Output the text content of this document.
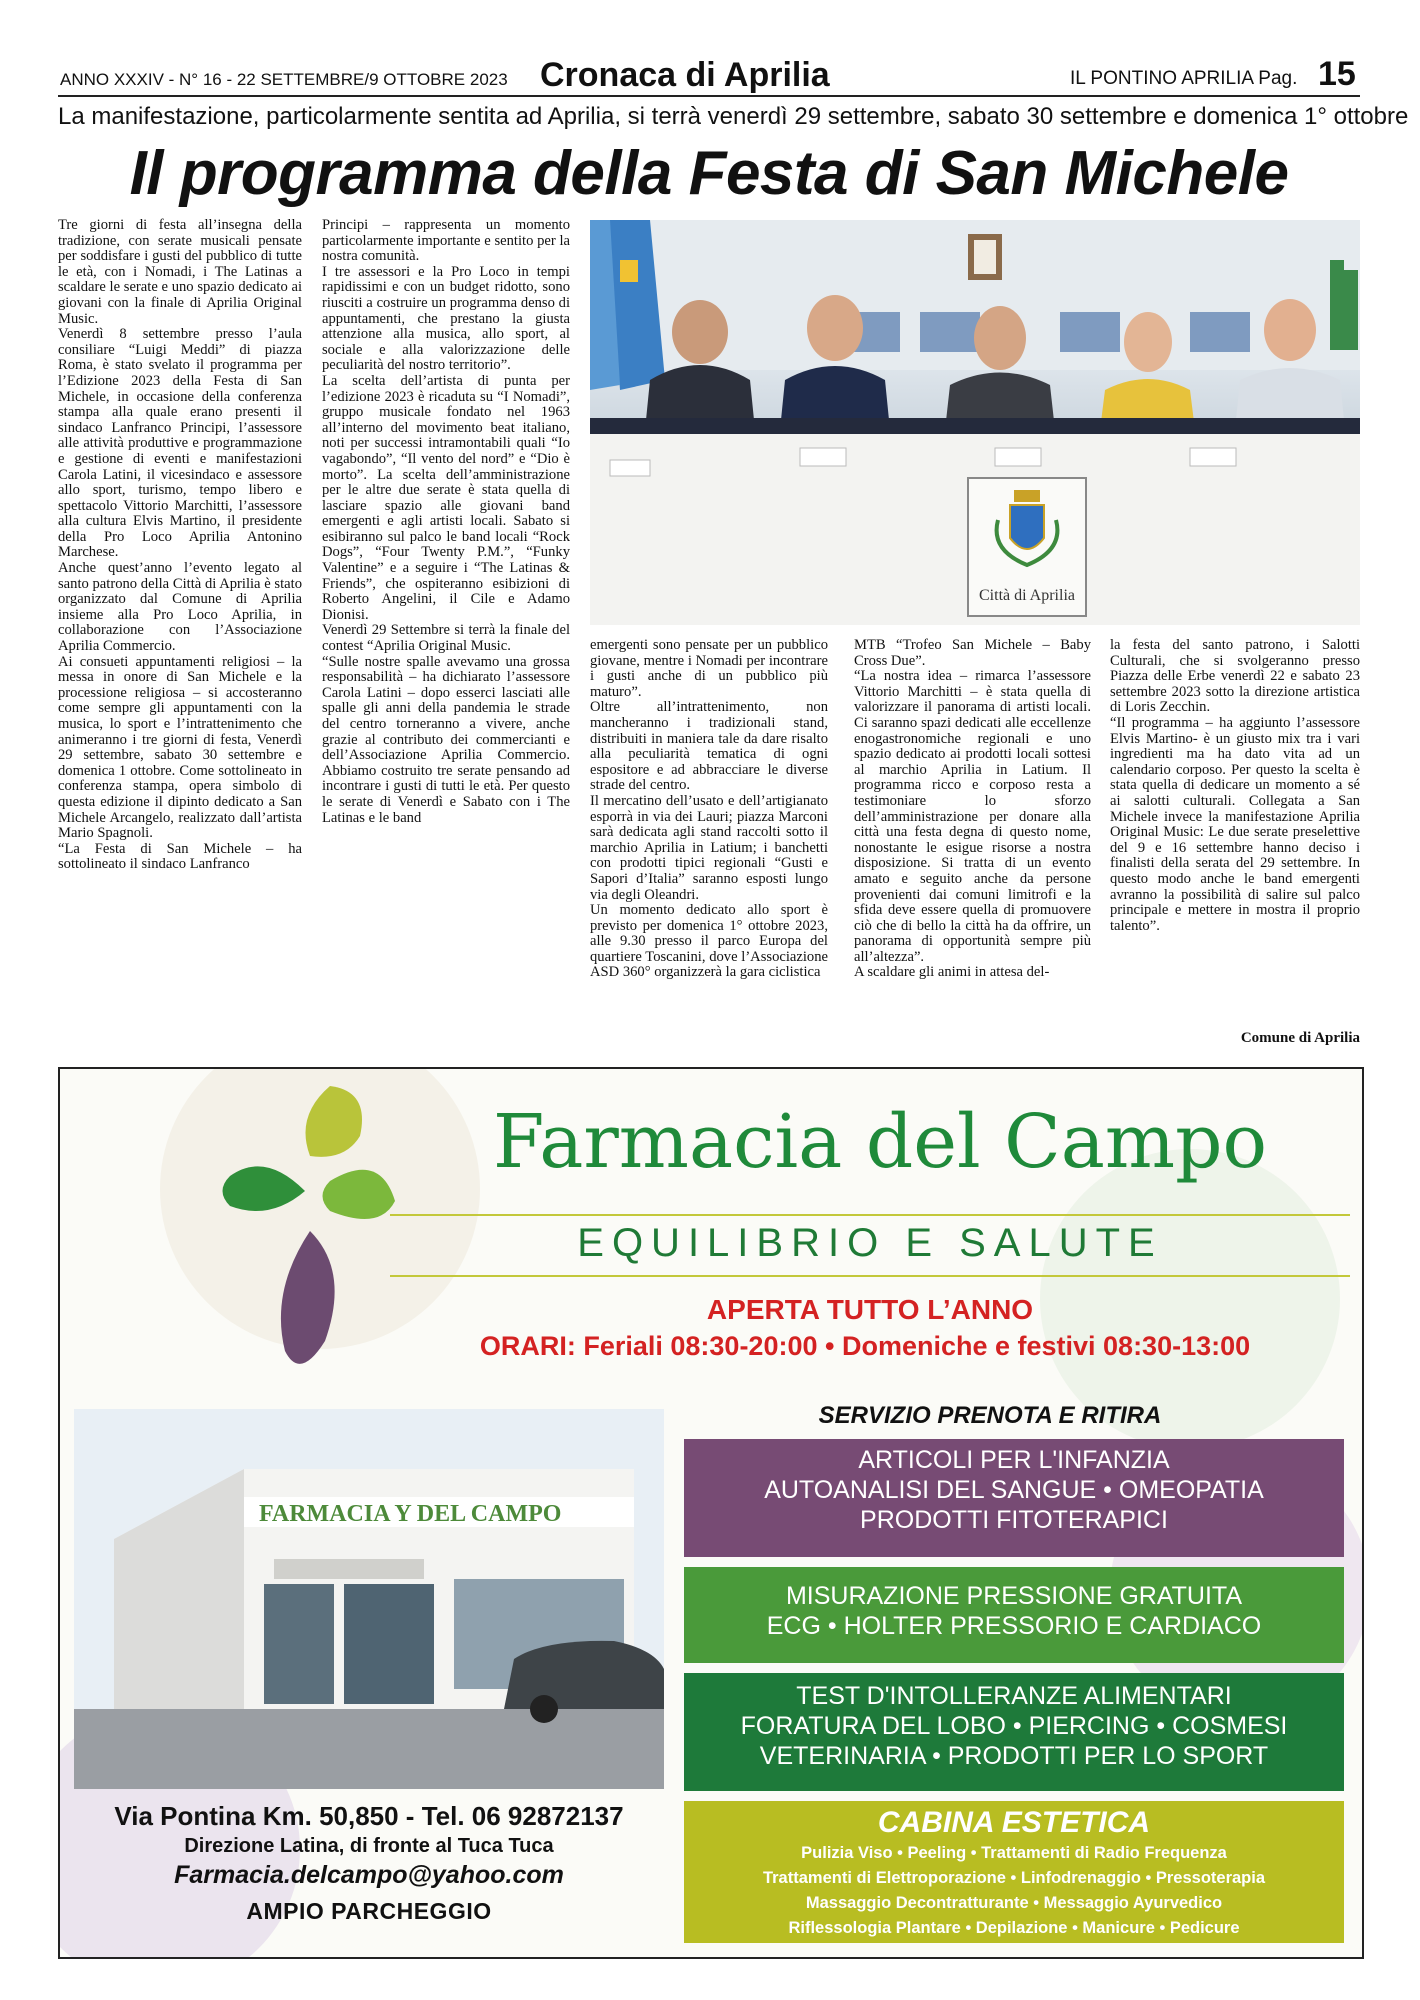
ANNO XXXIV - N° 16 - 22 SETTEMBRE/9 OTTOBRE 2023 Cronaca di Aprilia	IL PONTINO APRILIA Pag. 15
La manifestazione, particolarmente sentita ad Aprilia, si terrà venerdì 29 settembre, sabato 30 settembre e domenica 1° ottobre
Il programma della Festa di San Michele

Tre giorni di festa all’insegna della tradizione, con serate musicali pensate per soddisfare i gusti del pubblico di tutte le età, con i Nomadi, i The Latinas a scaldare le serate e uno spazio dedicato ai giovani con la finale di Aprilia Original Music.

Venerdì 8 settembre presso l’aula consiliare “Luigi Meddi” di piazza Roma, è stato svelato il programma per l’Edizione 2023 della Festa di San Michele, in occasione della conferenza stampa alla quale erano presenti il sindaco Lanfranco Principi, l’assessore alle attività produttive e programmazione e gestione di eventi e manifestazioni Carola Latini, il vicesindaco e assessore allo sport, turismo, tempo libero e spettacolo Vittorio Marchitti, l’assessore alla cultura Elvis Martino, il presidente della Pro Loco Aprilia Antonino Marchese.

Anche quest’anno l’evento legato al santo patrono della Città di Aprilia è stato organizzato dal Comune di Aprilia insieme alla Pro Loco Aprilia, in collaborazione con l’Associazione Aprilia Commercio.

Ai consueti appuntamenti religiosi – la messa in onore di San Michele e la processione religiosa – si accosteranno come sempre gli appuntamenti con la musica, lo sport e l’intrattenimento che animeranno i tre giorni di festa, Venerdì 29 settembre, sabato 30 settembre e domenica 1 ottobre. Come sottolineato in conferenza stampa, opera simbolo di questa edizione il dipinto dedicato a San Michele Arcangelo, realizzato dall’artista Mario Spagnoli.

“La Festa di San Michele – ha sottolineato il sindaco Lanfranco

Principi – rappresenta un momento particolarmente importante e sentito per la nostra comunità.

I tre assessori e la Pro Loco in tempi rapidissimi e con un budget ridotto, sono riusciti a costruire un programma denso di appuntamenti, che prestano la giusta attenzione alla musica, allo sport, al sociale e alla valorizzazione delle peculiarità del nostro territorio”.

La scelta dell’artista di punta per l’edizione 2023 è ricaduta su “I Nomadi”, gruppo musicale fondato nel 1963 all’interno del movimento beat italiano, noti per successi intramontabili quali “Io vagabondo”, “Il vento del nord” e “Dio è morto”. La scelta dell’amministrazione per le altre due serate è stata quella di lasciare spazio alle giovani band emergenti e agli artisti locali. Sabato si esibiranno sul palco le band locali “Rock Dogs”, “Four Twenty P.M.”, “Funky Valentine” e a seguire i “The Latinas & Friends”, che ospiteranno esibizioni di Roberto Angelini, il Cile e Adamo Dionisi.

Venerdì 29 Settembre si terrà la finale del contest “Aprilia Original Music.

“Sulle nostre spalle avevamo una grossa responsabilità – ha dichiarato l’assessore Carola Latini – dopo esserci lasciati alle spalle gli anni della pandemia le strade del centro torneranno a vivere, anche grazie al contributo dei commercianti e dell’Associazione Aprilia Commercio. Abbiamo costruito tre serate pensando ad incontrare i gusti di tutti le età. Per questo le serate di Venerdì e Sabato con i The Latinas e le band

Città di Aprilia

emergenti sono pensate per un pubblico giovane, mentre i Nomadi per incontrare i gusti anche di un pubblico più maturo”.

Oltre all’intrattenimento, non mancheranno i tradizionali stand, distribuiti in maniera tale da dare risalto alla peculiarità tematica di ogni espositore e ad abbracciare le diverse strade del centro.

Il mercatino dell’usato e dell’artigianato esporrà in via dei Lauri; piazza Marconi sarà dedicata agli stand raccolti sotto il marchio Aprilia in Latium; i banchetti con prodotti tipici regionali “Gusti e Sapori d’Italia” saranno esposti lungo via degli Oleandri.

Un momento dedicato allo sport è previsto per domenica 1° ottobre 2023, alle 9.30 presso il parco Europa del quartiere Toscanini, dove l’Associazione ASD 360° organizzerà la gara ciclistica

MTB “Trofeo San Michele – Baby Cross Due”.

“La nostra idea – rimarca l’assessore Vittorio Marchitti – è stata quella di valorizzare il panorama di artisti locali. Ci saranno spazi dedicati alle eccellenze enogastronomiche regionali e uno spazio dedicato ai prodotti locali sottesi al marchio Aprilia in Latium. Il programma ricco e corposo resta a testimoniare lo sforzo dell’amministrazione per donare alla città una festa degna di questo nome, nonostante le esigue risorse a nostra disposizione. Si tratta di un evento amato e seguito anche da persone provenienti dai comuni limitrofi e la sfida deve essere quella di promuovere ciò che di bello la città ha da offrire, un panorama di opportunità sempre più all’altezza”.

A scaldare gli animi in attesa del-

la festa del santo patrono, i Salotti Culturali, che si svolgeranno presso Piazza delle Erbe venerdì 22 e sabato 23 settembre 2023 sotto la direzione artistica di Loris Zecchin.

“Il programma – ha aggiunto l’assessore Elvis Martino- è un giusto mix tra i vari ingredienti ma ha dato vita ad un calendario corposo. Per questo la scelta è stata quella di dedicare un momento a sé ai salotti culturali. Collegata a San Michele invece la manifestazione Aprilia Original Music: Le due serate preselettive del 9 e 16 settembre hanno deciso i finalisti della serata del 29 settembre. In questo modo anche le band emergenti avranno la possibilità di salire sul palco principale e mettere in mostra il proprio talento”.

Comune di Aprilia
Farmacia del Campo
EQUILIBRIO E SALUTE
APERTA TUTTO L’ANNO
ORARI: Feriali 08:30-20:00 • Domeniche e festivi 08:30-13:00
SERVIZIO PRENOTA E RITIRA
FARMACIA Y DEL CAMPO
ARTICOLI PER L'INFANZIA
AUTOANALISI DEL SANGUE • OMEOPATIA
PRODOTTI FITOTERAPICI
MISURAZIONE PRESSIONE GRATUITA
ECG • HOLTER PRESSORIO E CARDIACO
TEST D'INTOLLERANZE ALIMENTARI
FORATURA DEL LOBO • PIERCING • COSMESI
VETERINARIA • PRODOTTI PER LO SPORT
CABINA ESTETICA
Pulizia Viso • Peeling • Trattamenti di Radio Frequenza
Trattamenti di Elettroporazione • Linfodrenaggio • Pressoterapia
Massaggio Decontratturante • Messaggio Ayurvedico
Riflessologia Plantare • Depilazione • Manicure • Pedicure
Via Pontina Km. 50,850 - Tel. 06 92872137
Direzione Latina, di fronte al Tuca Tuca
Farmacia.delcampo@yahoo.com
AMPIO PARCHEGGIO
